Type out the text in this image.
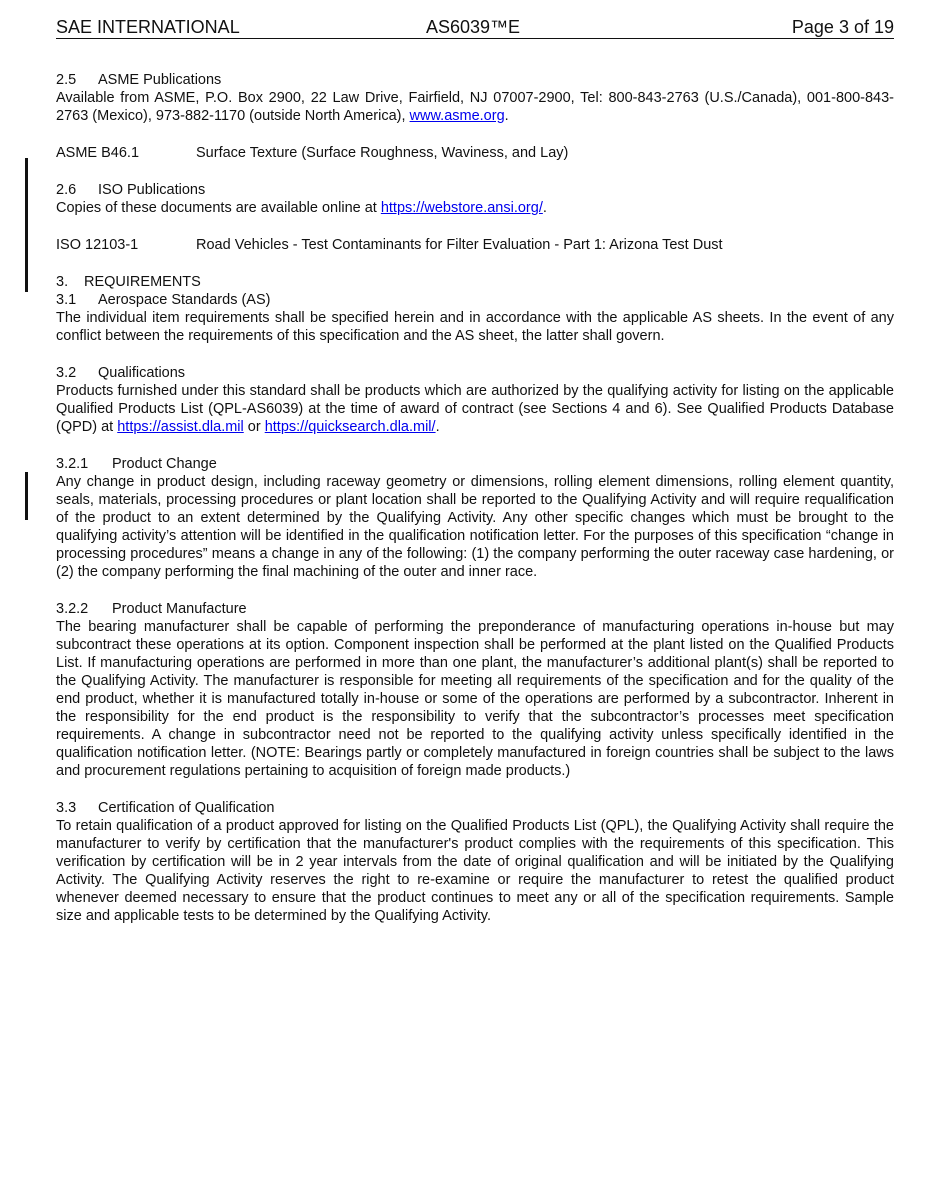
SAE INTERNATIONAL	AS6039™E	Page 3 of 19

2.5 ASME Publications

Available from ASME, P.O. Box 2900, 22 Law Drive, Fairfield, NJ 07007-2900, Tel: 800-843-2763 (U.S./Canada), 001-800-843-2763 (Mexico), 973-882-1170 (outside North America), www.asme.org.

ASME B46.1	Surface Texture (Surface Roughness, Waviness, and Lay)

2.6 ISO Publications

Copies of these documents are available online at https://webstore.ansi.org/.

ISO 12103-1	Road Vehicles - Test Contaminants for Filter Evaluation - Part 1: Arizona Test Dust

3. REQUIREMENTS

3.1 Aerospace Standards (AS)

The individual item requirements shall be specified herein and in accordance with the applicable AS sheets. In the event of any conflict between the requirements of this specification and the AS sheet, the latter shall govern.

3.2 Qualifications

Products furnished under this standard shall be products which are authorized by the qualifying activity for listing on the applicable Qualified Products List (QPL-AS6039) at the time of award of contract (see Sections 4 and 6). See Qualified Products Database (QPD) at https://assist.dla.mil or https://quicksearch.dla.mil/.

3.2.1 Product Change

Any change in product design, including raceway geometry or dimensions, rolling element dimensions, rolling element quantity, seals, materials, processing procedures or plant location shall be reported to the Qualifying Activity and will require requalification of the product to an extent determined by the Qualifying Activity. Any other specific changes which must be brought to the qualifying activity’s attention will be identified in the qualification notification letter. For the purposes of this specification “change in processing procedures” means a change in any of the following: (1) the company performing the outer raceway case hardening, or (2) the company performing the final machining of the outer and inner race.

3.2.2 Product Manufacture

The bearing manufacturer shall be capable of performing the preponderance of manufacturing operations in-house but may subcontract these operations at its option. Component inspection shall be performed at the plant listed on the Qualified Products List. If manufacturing operations are performed in more than one plant, the manufacturer’s additional plant(s) shall be reported to the Qualifying Activity. The manufacturer is responsible for meeting all requirements of the specification and for the quality of the end product, whether it is manufactured totally in-house or some of the operations are performed by a subcontractor. Inherent in the responsibility for the end product is the responsibility to verify that the subcontractor’s processes meet specification requirements. A change in subcontractor need not be reported to the qualifying activity unless specifically identified in the qualification notification letter. (NOTE: Bearings partly or completely manufactured in foreign countries shall be subject to the laws and procurement regulations pertaining to acquisition of foreign made products.)

3.3 Certification of Qualification

To retain qualification of a product approved for listing on the Qualified Products List (QPL), the Qualifying Activity shall require the manufacturer to verify by certification that the manufacturer's product complies with the requirements of this specification. This verification by certification will be in 2 year intervals from the date of original qualification and will be initiated by the Qualifying Activity. The Qualifying Activity reserves the right to re-examine or require the manufacturer to retest the qualified product whenever deemed necessary to ensure that the product continues to meet any or all of the specification requirements. Sample size and applicable tests to be determined by the Qualifying Activity.
